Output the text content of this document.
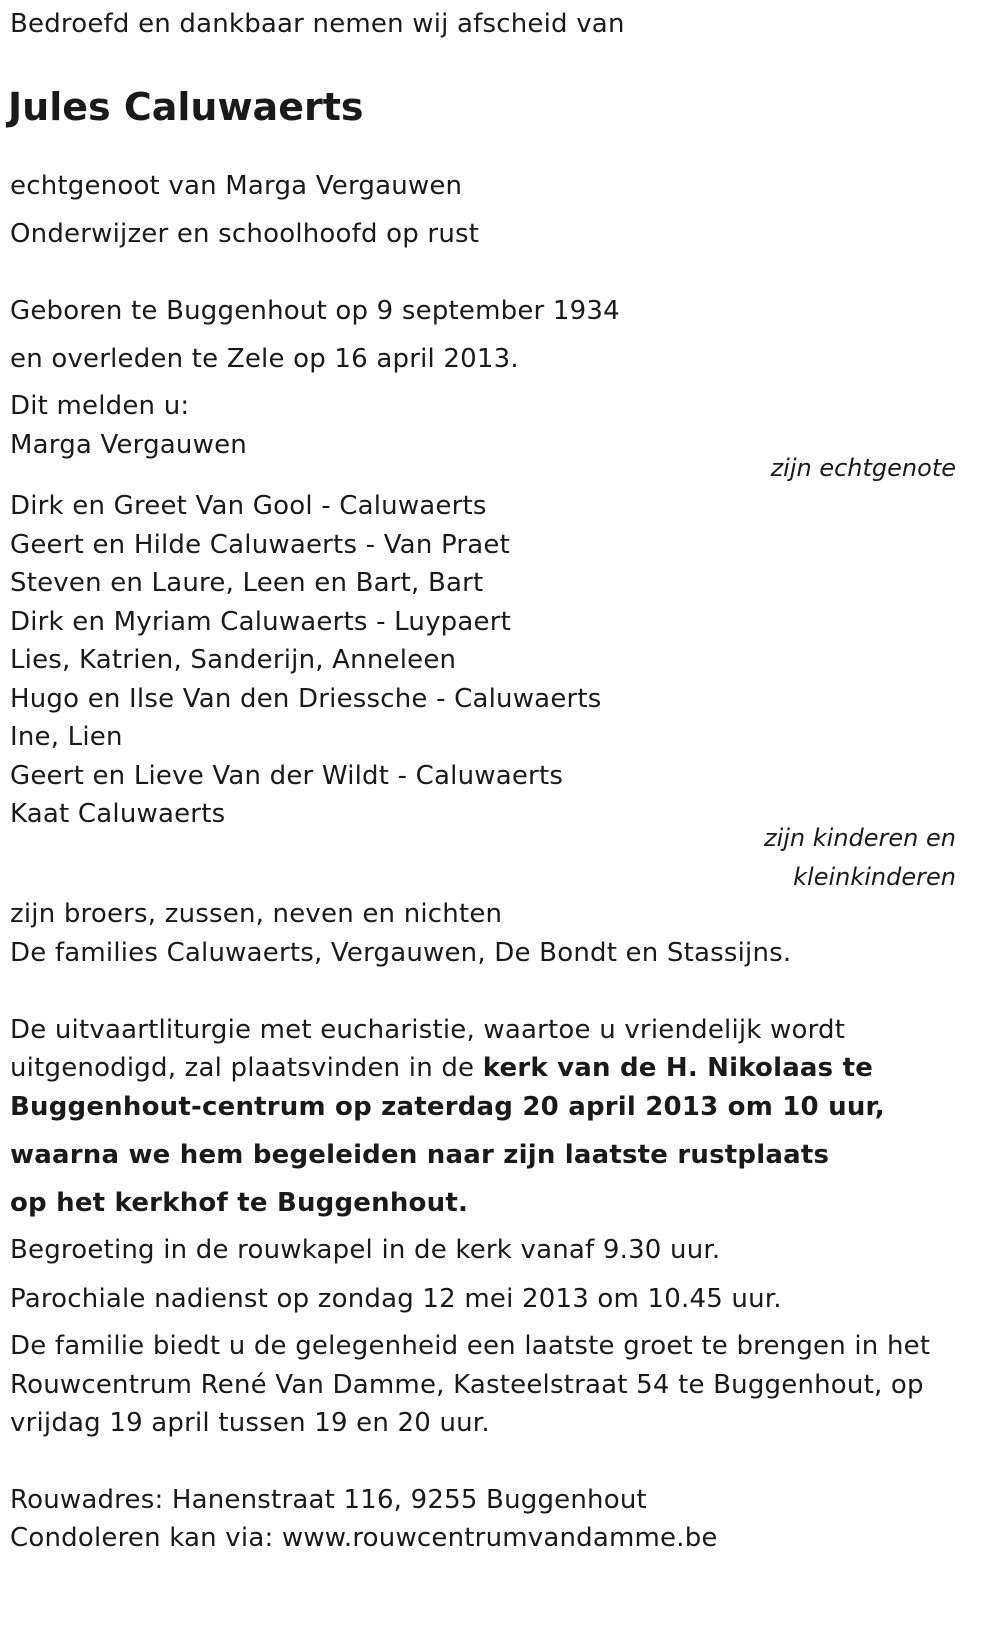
Bedroefd en dankbaar nemen wij afscheid van
Jules Caluwaerts
echtgenoot van Marga Vergauwen
Onderwijzer en schoolhoofd op rust
Geboren te Buggenhout op 9 september 1934
en overleden te Zele op 16 april 2013.
Dit melden u:
Marga Vergauwen
zijn echtgenote
Dirk en Greet Van Gool - Caluwaerts
Geert en Hilde Caluwaerts - Van Praet
Steven en Laure, Leen en Bart, Bart
Dirk en Myriam Caluwaerts - Luypaert
Lies, Katrien, Sanderijn, Anneleen
Hugo en Ilse Van den Driessche - Caluwaerts
Ine, Lien
Geert en Lieve Van der Wildt - Caluwaerts
Kaat Caluwaerts
zijn kinderen en
kleinkinderen
zijn broers, zussen, neven en nichten
De families Caluwaerts, Vergauwen, De Bondt en Stassijns.
De uitvaartliturgie met eucharistie, waartoe u vriendelijk wordt
uitgenodigd, zal plaatsvinden in de kerk van de H. Nikolaas te
Buggenhout-centrum op zaterdag 20 april 2013 om 10 uur,
waarna we hem begeleiden naar zijn laatste rustplaats
op het kerkhof te Buggenhout.
Begroeting in de rouwkapel in de kerk vanaf 9.30 uur.
Parochiale nadienst op zondag 12 mei 2013 om 10.45 uur.
De familie biedt u de gelegenheid een laatste groet te brengen in het
Rouwcentrum René Van Damme, Kasteelstraat 54 te Buggenhout, op
vrijdag 19 april tussen 19 en 20 uur.
Rouwadres: Hanenstraat 116, 9255 Buggenhout
Condoleren kan via: www.rouwcentrumvandamme.be
